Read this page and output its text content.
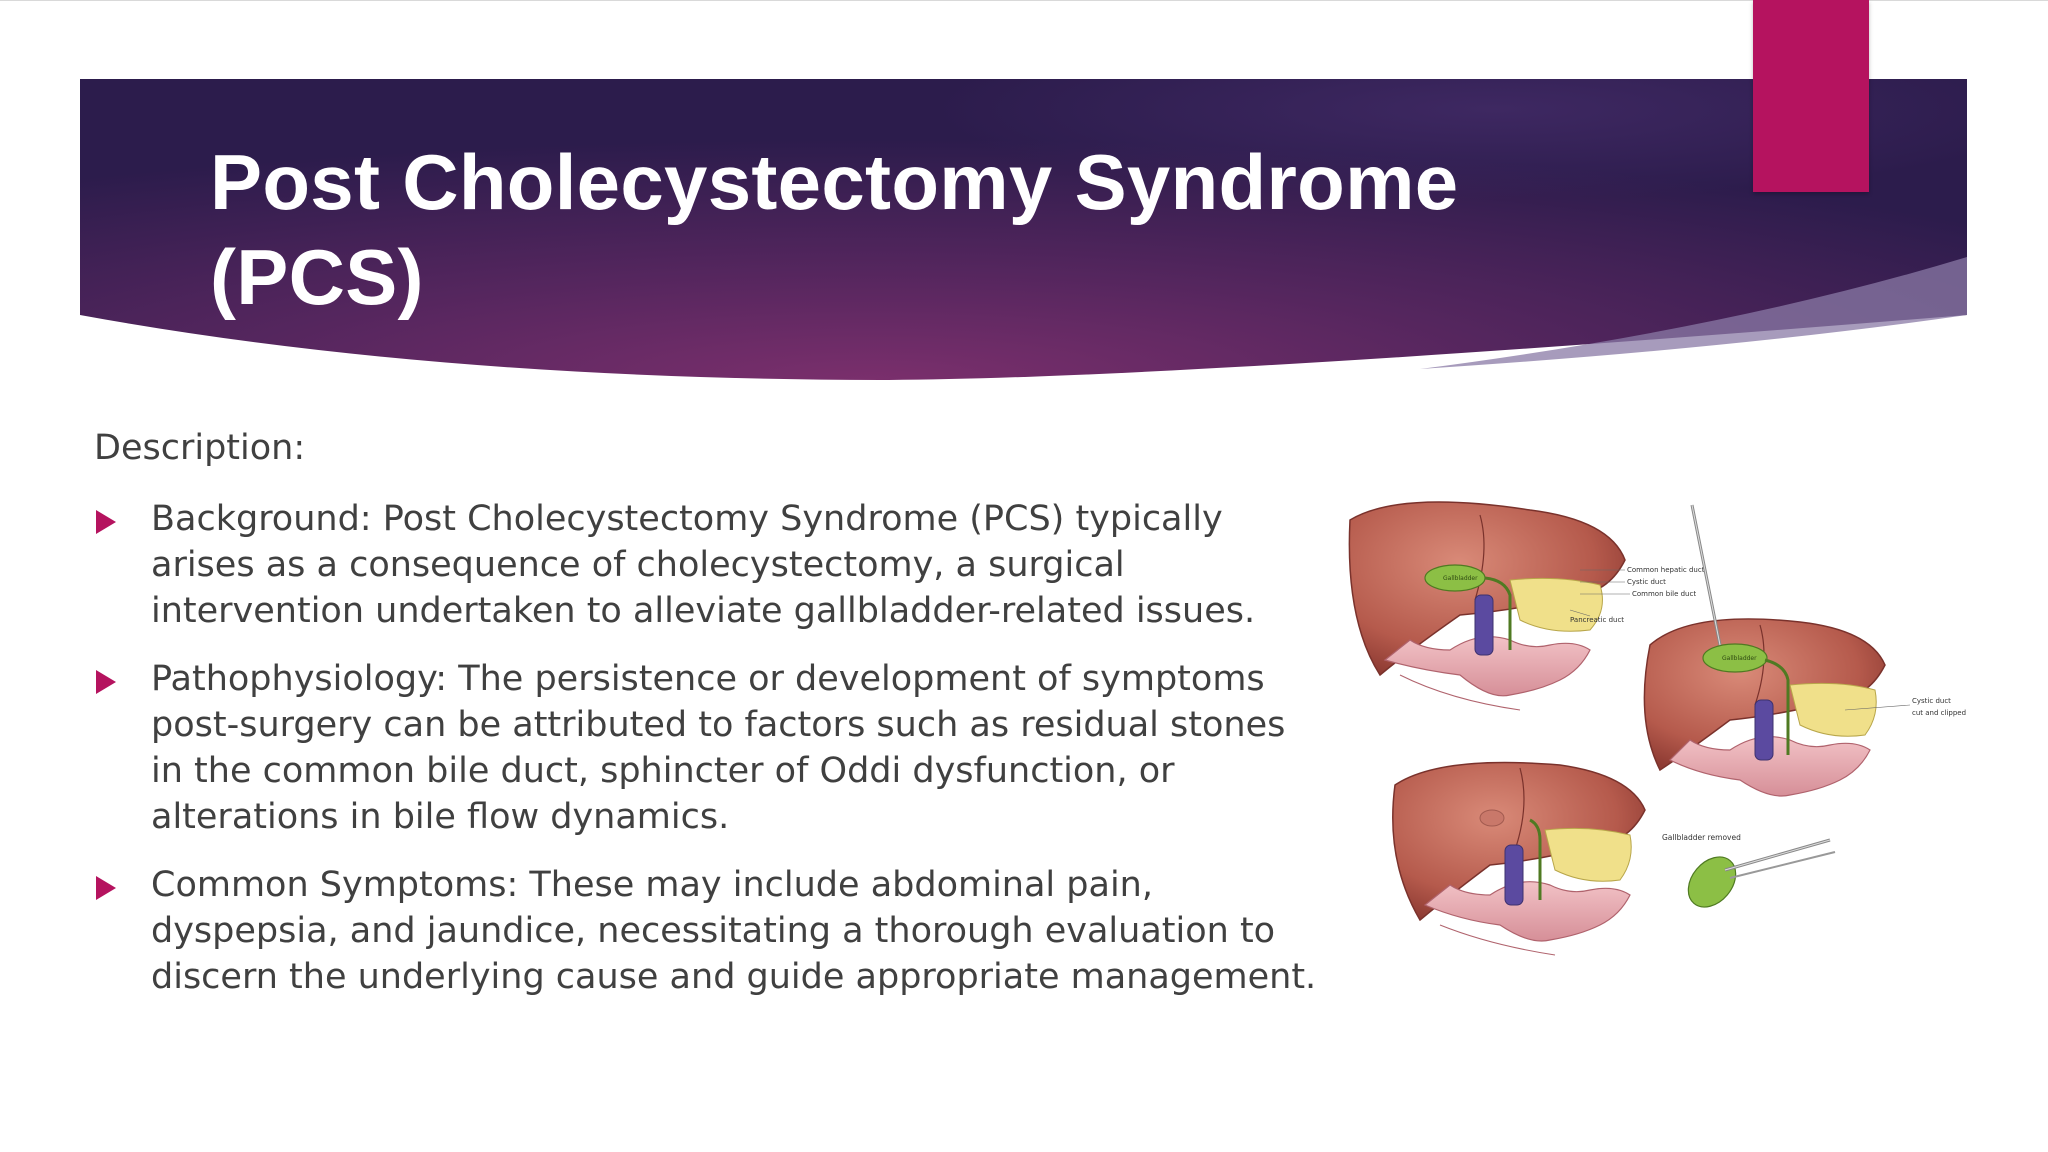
Post Cholecystectomy Syndrome
(PCS)

Description:

Background: Post Cholecystectomy Syndrome (PCS) typically arises as a consequence of cholecystectomy, a surgical intervention undertaken to alleviate gallbladder-related issues.
Pathophysiology: The persistence or development of symptoms post-surgery can be attributed to factors such as residual stones in the common bile duct, sphincter of Oddi dysfunction, or alterations in bile flow dynamics.
Common Symptoms: These may include abdominal pain, dyspepsia, and jaundice, necessitating a thorough evaluation to discern the underlying cause and guide appropriate management.
Gallbladder
Common hepatic duct
Cystic duct
Common bile duct
Pancreatic duct
Gallbladder
Cystic duct
cut and clipped
Gallbladder removed
